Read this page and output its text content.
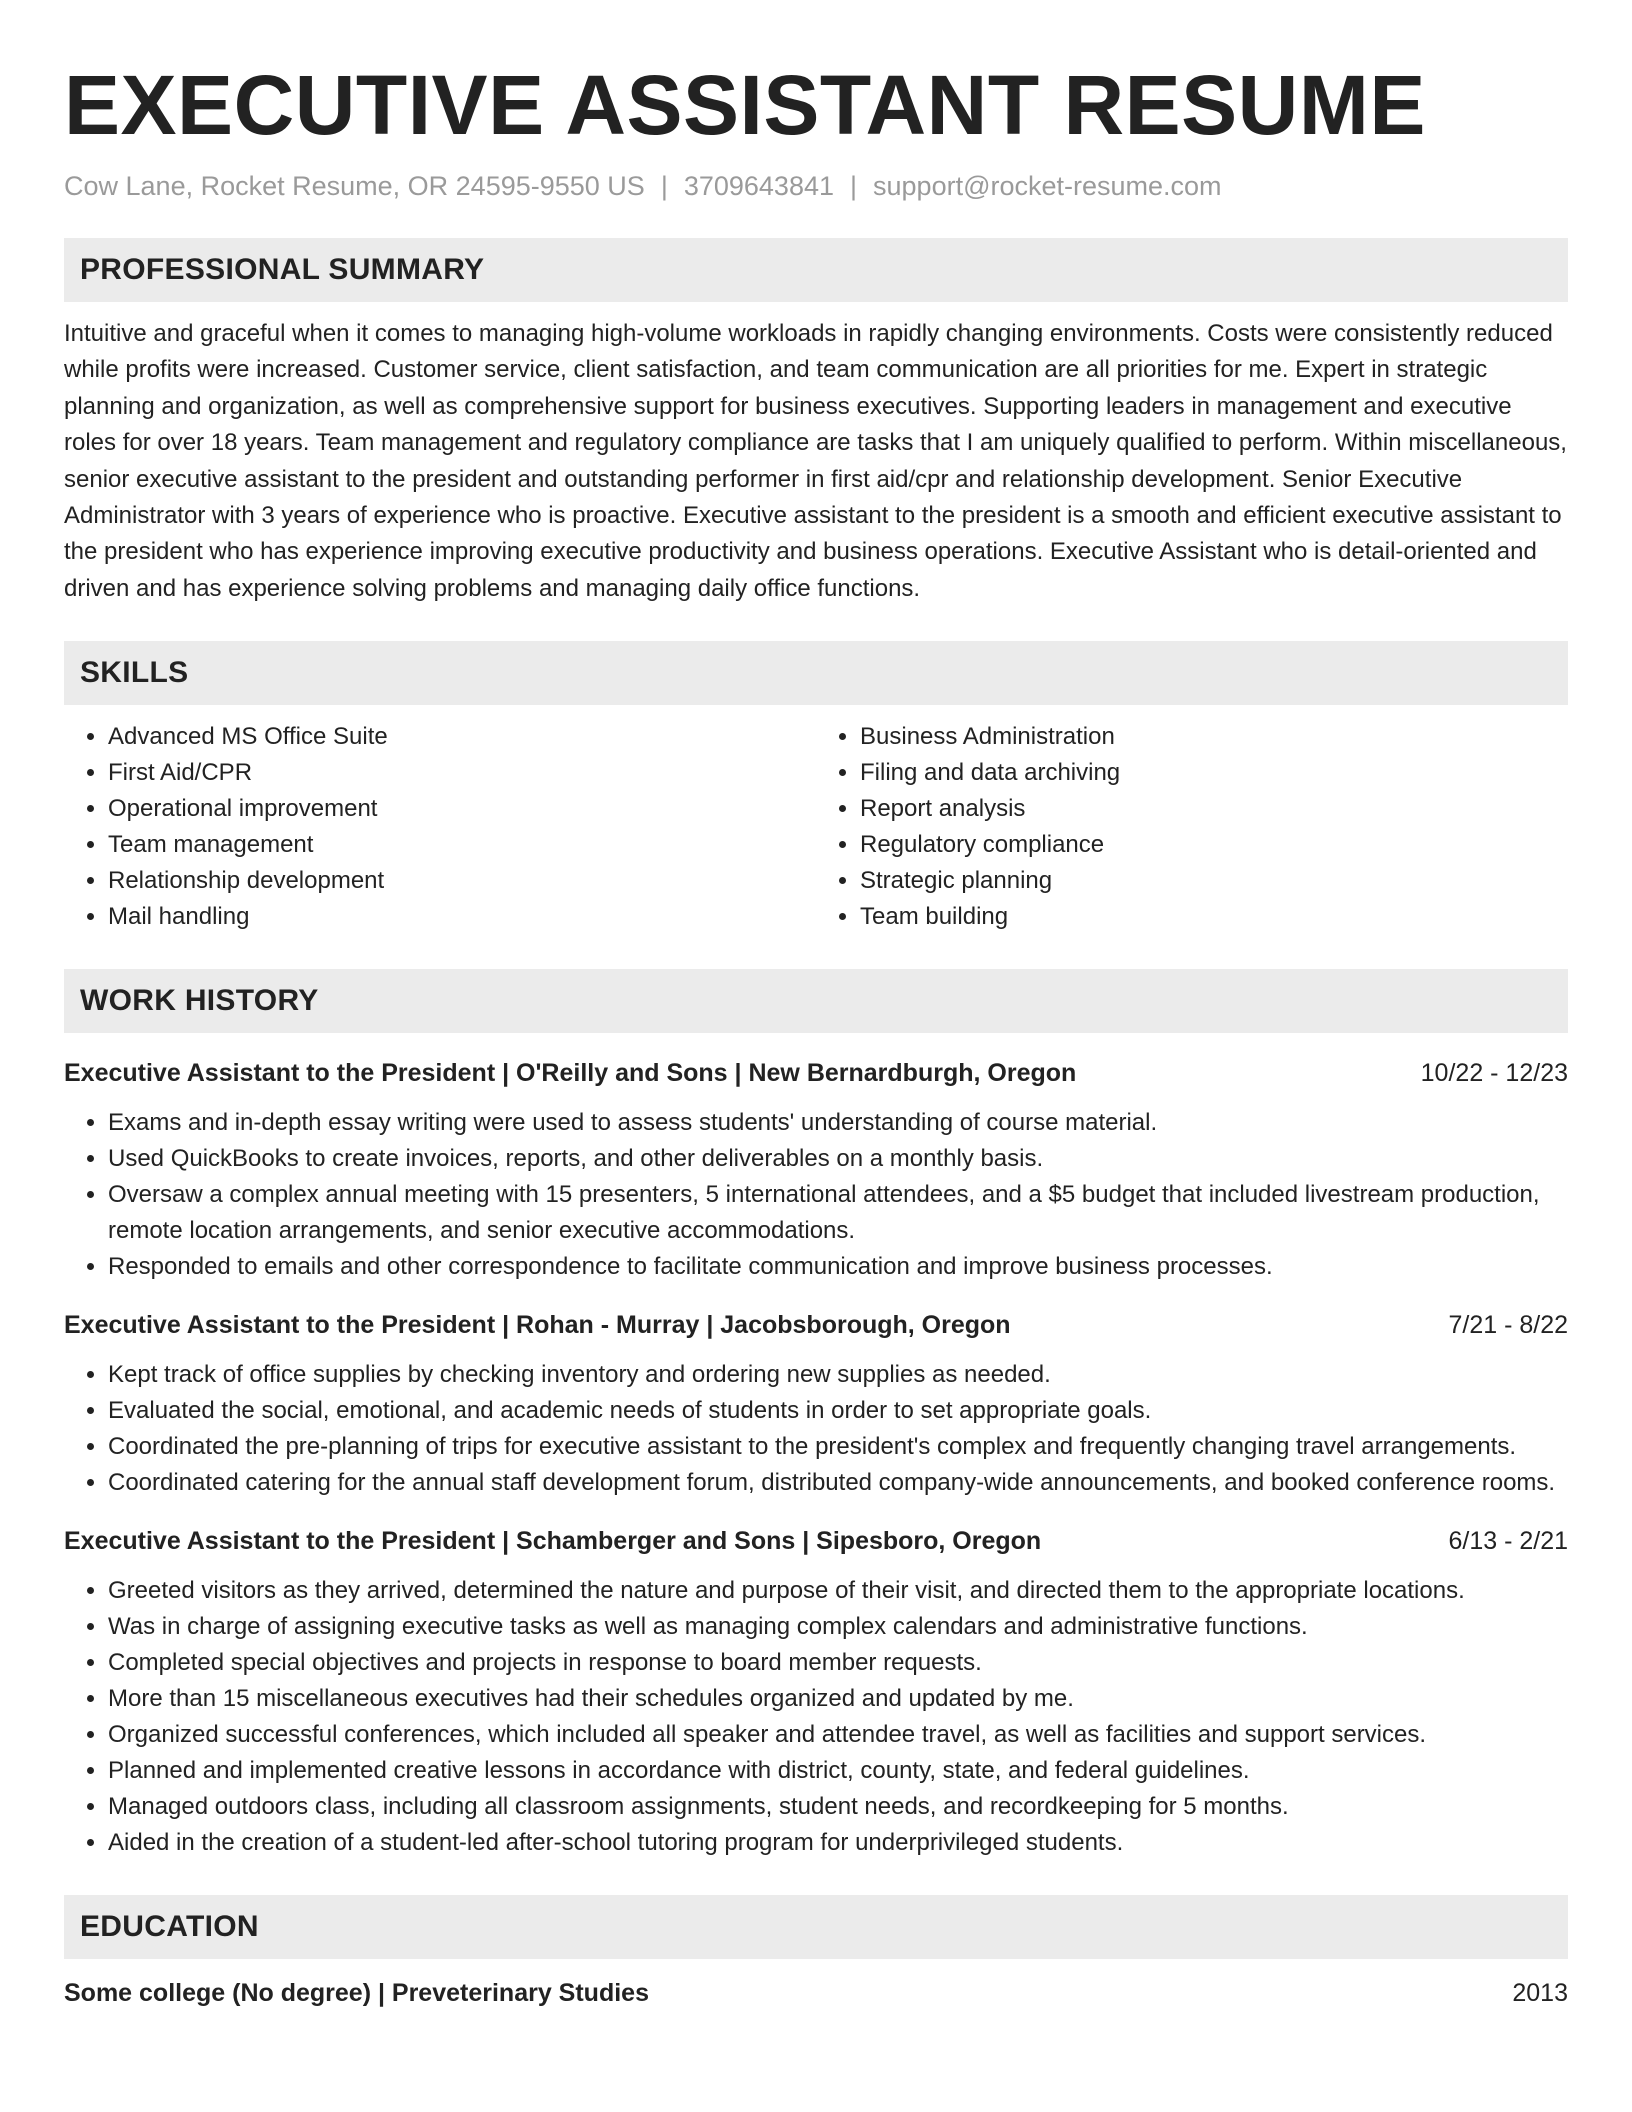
EXECUTIVE ASSISTANT RESUME
Cow Lane, Rocket Resume, OR 24595-9550 US | 3709643841 | support@rocket-resume.com
PROFESSIONAL SUMMARY

Intuitive and graceful when it comes to managing high-volume workloads in rapidly changing environments. Costs were consistently reduced while profits were increased. Customer service, client satisfaction, and team communication are all priorities for me. Expert in strategic planning and organization, as well as comprehensive support for business executives. Supporting leaders in management and executive roles for over 18 years. Team management and regulatory compliance are tasks that I am uniquely qualified to perform. Within miscellaneous, senior executive assistant to the president and outstanding performer in first aid/cpr and relationship development. Senior Executive Administrator with 3 years of experience who is proactive. Executive assistant to the president is a smooth and efficient executive assistant to the president who has experience improving executive productivity and business operations. Executive Assistant who is detail-oriented and driven and has experience solving problems and managing daily office functions.

SKILLS
• Advanced MS Office Suite
• First Aid/CPR
• Operational improvement
• Team management
• Relationship development
• Mail handling
• Business Administration
• Filing and data archiving
• Report analysis
• Regulatory compliance
• Strategic planning
• Team building
WORK HISTORY
Executive Assistant to the President | O'Reilly and Sons | New Bernardburgh, Oregon	10/22 - 12/23
• Exams and in-depth essay writing were used to assess students' understanding of course material.
• Used QuickBooks to create invoices, reports, and other deliverables on a monthly basis.
• Oversaw a complex annual meeting with 15 presenters, 5 international attendees, and a $5 budget that included livestream production, remote location arrangements, and senior executive accommodations.
• Responded to emails and other correspondence to facilitate communication and improve business processes.
Executive Assistant to the President | Rohan - Murray | Jacobsborough, Oregon	7/21 - 8/22
• Kept track of office supplies by checking inventory and ordering new supplies as needed.
• Evaluated the social, emotional, and academic needs of students in order to set appropriate goals.
• Coordinated the pre-planning of trips for executive assistant to the president's complex and frequently changing travel arrangements.
• Coordinated catering for the annual staff development forum, distributed company-wide announcements, and booked conference rooms.
Executive Assistant to the President | Schamberger and Sons | Sipesboro, Oregon	6/13 - 2/21
• Greeted visitors as they arrived, determined the nature and purpose of their visit, and directed them to the appropriate locations.
• Was in charge of assigning executive tasks as well as managing complex calendars and administrative functions.
• Completed special objectives and projects in response to board member requests.
• More than 15 miscellaneous executives had their schedules organized and updated by me.
• Organized successful conferences, which included all speaker and attendee travel, as well as facilities and support services.
• Planned and implemented creative lessons in accordance with district, county, state, and federal guidelines.
• Managed outdoors class, including all classroom assignments, student needs, and recordkeeping for 5 months.
• Aided in the creation of a student-led after-school tutoring program for underprivileged students.
EDUCATION
Some college (No degree) | Preveterinary Studies	2013
